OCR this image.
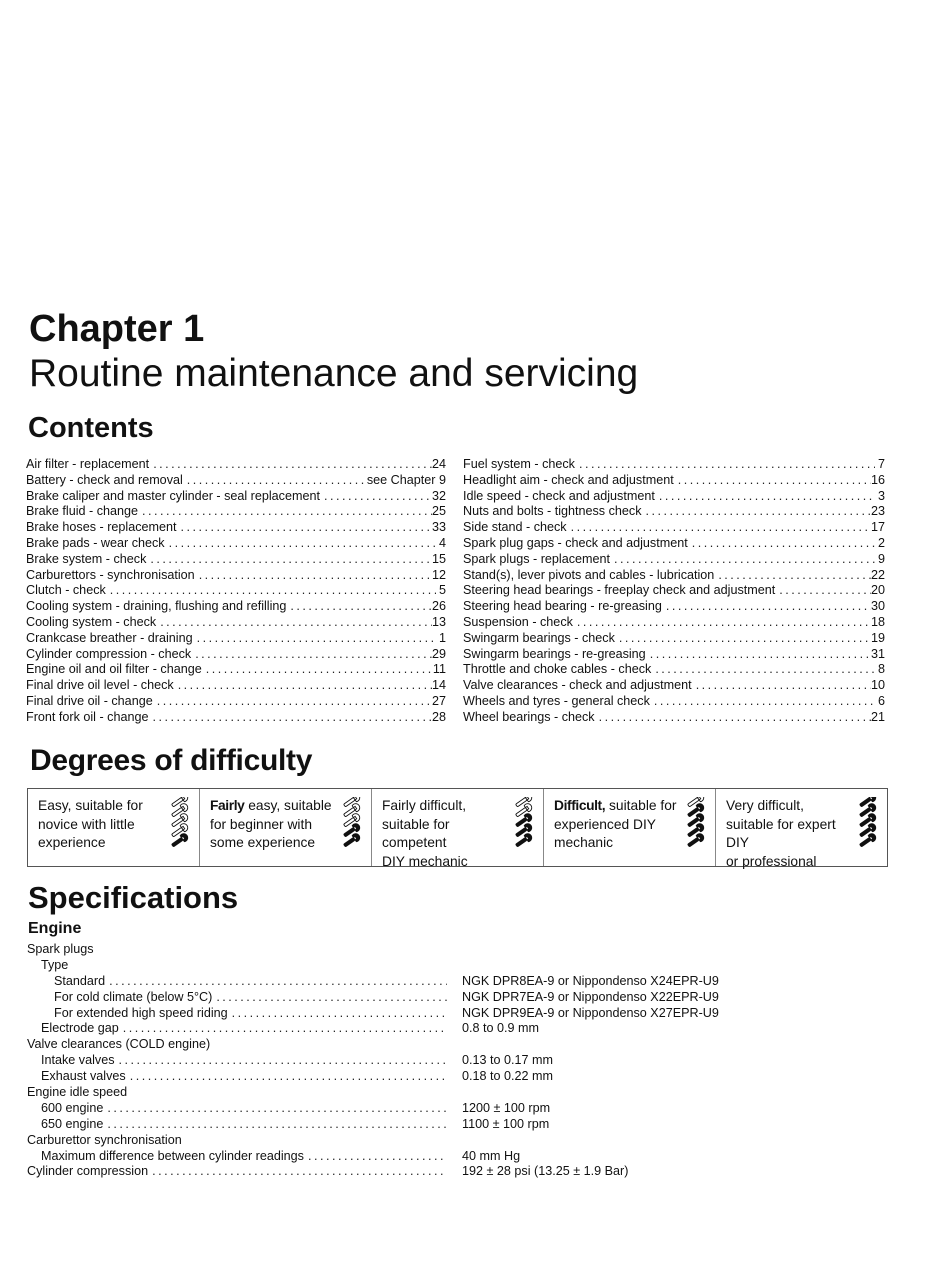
Chapter 1
Routine maintenance and servicing
Contents
Air filter - replacement .....	24
Battery - check and removal .....	see Chapter 9
Brake caliper and master cylinder - seal replacement .....	32
Brake fluid - change .....	25
Brake hoses - replacement .....	33
Brake pads - wear check .....	4
Brake system - check .....	15
Carburettors - synchronisation .....	12
Clutch - check .....	5
Cooling system - draining, flushing and refilling .....	26
Cooling system - check .....	13
Crankcase breather - draining .....	1
Cylinder compression - check .....	29
Engine oil and oil filter - change .....	11
Final drive oil level - check .....	14
Final drive oil - change .....	27
Front fork oil - change .....	28
Fuel system - check .....	7
Headlight aim - check and adjustment .....	16
Idle speed - check and adjustment .....	3
Nuts and bolts - tightness check .....	23
Side stand - check .....	17
Spark plug gaps - check and adjustment .....	2
Spark plugs - replacement .....	9
Stand(s), lever pivots and cables - lubrication .....	22
Steering head bearings - freeplay check and adjustment .....	20
Steering head bearing - re-greasing .....	30
Suspension - check .....	18
Swingarm bearings - check .....	19
Swingarm bearings - re-greasing .....	31
Throttle and choke cables - check .....	8
Valve clearances - check and adjustment .....	10
Wheels and tyres - general check .....	6
Wheel bearings - check .....	21
Degrees of difficulty
Easy, suitable for
novice with little
experience
Fairly easy, suitable
for beginner with
some experience
Fairly difficult,
suitable for competent
DIY mechanic
Difficult, suitable for
experienced DIY
mechanic
Very difficult,
suitable for expert DIY
or professional
Specifications
Engine
Spark plugs
Type
Standard .....	NGK DPR8EA-9 or Nippondenso X24EPR-U9
For cold climate (below 5°C) .....	NGK DPR7EA-9 or Nippondenso X22EPR-U9
For extended high speed riding .....	NGK DPR9EA-9 or Nippondenso X27EPR-U9
Electrode gap .....	0.8 to 0.9 mm
Valve clearances (COLD engine)
Intake valves .....	0.13 to 0.17 mm
Exhaust valves .....	0.18 to 0.22 mm
Engine idle speed
600 engine .....	1200 ± 100 rpm
650 engine .....	1100 ± 100 rpm
Carburettor synchronisation
Maximum difference between cylinder readings .....	40 mm Hg
Cylinder compression .....	192 ± 28 psi (13.25 ± 1.9 Bar)
